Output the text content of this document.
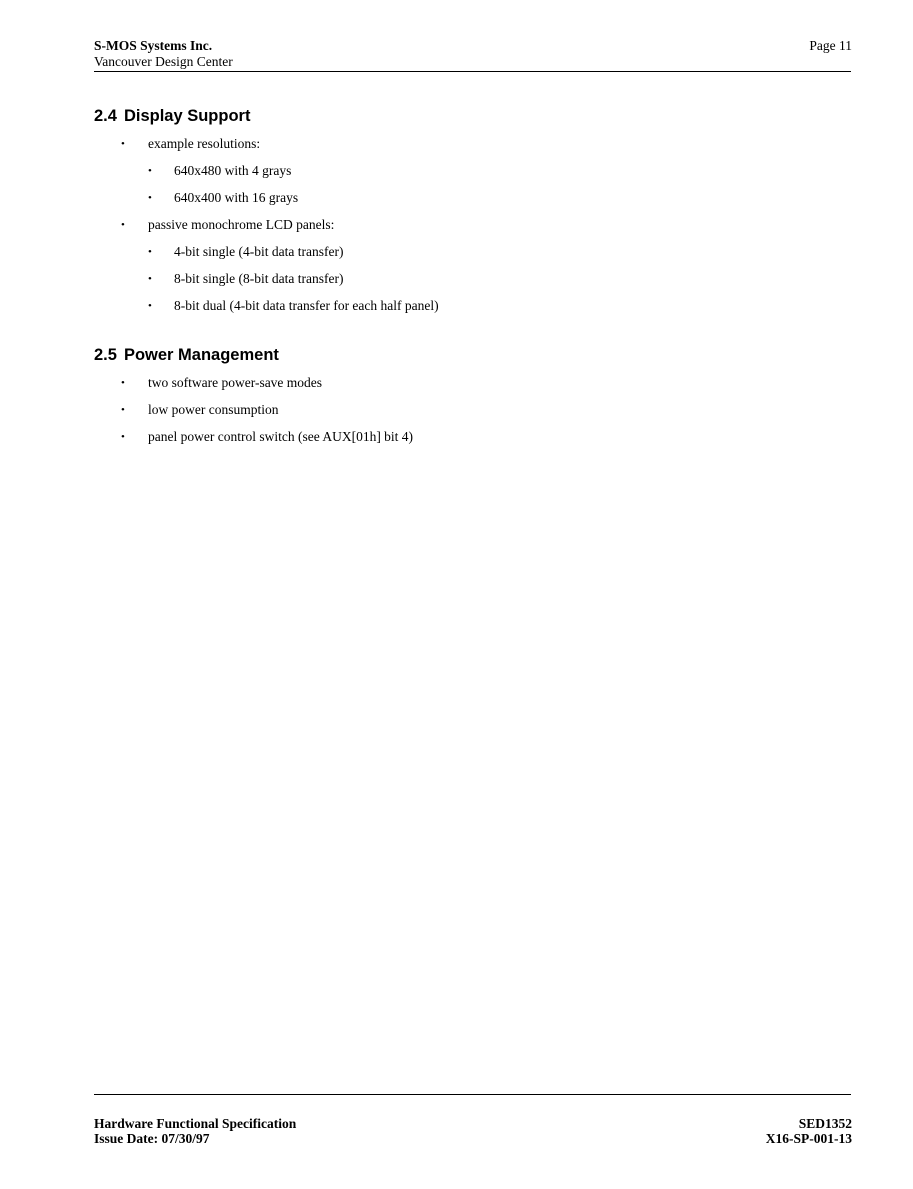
S-MOS Systems Inc.
Vancouver Design Center
Page 11
2.4 Display Support
• example resolutions:
• 640x480 with 4 grays
• 640x400 with 16 grays
• passive monochrome LCD panels:
• 4-bit single (4-bit data transfer)
• 8-bit single (8-bit data transfer)
• 8-bit dual (4-bit data transfer for each half panel)
2.5 Power Management
• two software power-save modes
• low power consumption
• panel power control switch (see AUX[01h] bit 4)
Hardware Functional Specification
Issue Date: 07/30/97
SED1352
X16-SP-001-13
